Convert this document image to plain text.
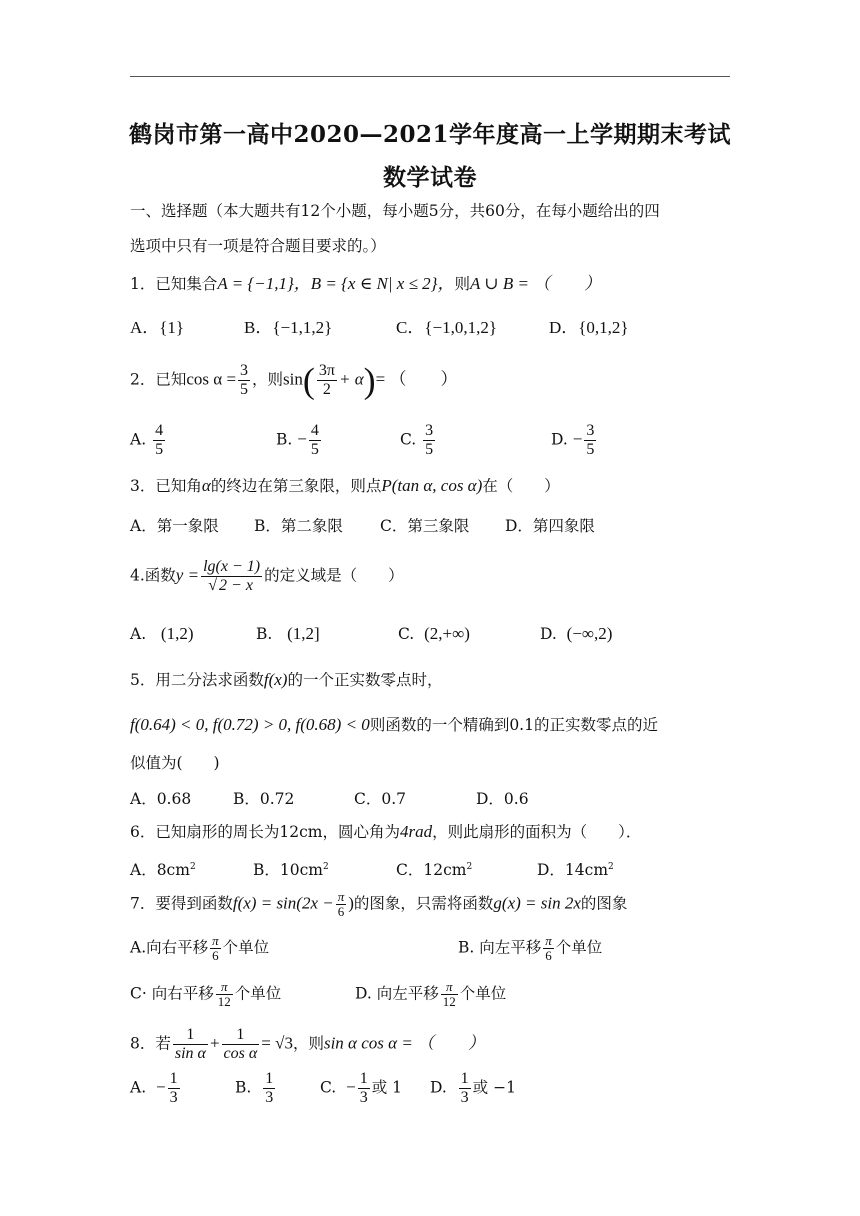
鹤岗市第一高中2020—2021学年度高一上学期期末考试
数学试卷
一、选择题（本大题共有12个小题，每小题5分，共60分，在每小题给出的四
选项中只有一项是符合题目要求的。）
1．已知集合A = {−1,1}，B = {x ∈ N| x ≤ 2}，则A ∪ B = （　　）
A．{1}	B．{−1,1,2}	C．{−1,0,1,2}	D．{0,1,2}
2．已知$\cos \alpha = \frac{3}{5}$ ，则$\sin( \frac{3\pi}{2} + \alpha)=$ （　　）
A. $\frac{4}{5}$	B. − $\frac{4}{5}$	C. $\frac{3}{5}$	D. − $\frac{3}{5}$
3．已知角α的终边在第三象限，则点P(tan α, cos α)在（　　）
A．第一象限 B．第二象限 C．第三象限 D．第四象限
4.函数$y = \frac{\lg(x - 1)}{√ 2 - x}$ 的定义域是（　　）
A. (1,2)	B. (1,2]	C. (2,+∞)	D. (−∞,2)
5．用二分法求函数f(x)的一个正实数零点时，
f(0.64) < 0, f(0.72) > 0, f(0.68) < 0则函数的一个精确到0.1的正实数零点的近
似值为(　　)
A．0.68	B．0.72	C．0.7	D．0.6
6．已知扇形的周长为12cm，圆心角为4rad，则此扇形的面积为（　　）．
A．$8cm^2$	B．$10cm^2$	C．$12cm^2$	D．$14cm^2$
7．要得到函数$f(x) = \sin(2x - \frac{\pi}{6}$ )的图象，只需将函数g(x) = sin 2x的图象
A.向右平移 $\frac{\pi}{6}$ 个单位	B. 向左平移 $\frac{\pi}{6}$ 个单位
C· 向右平移 $\frac{\pi}{12}$ 个单位	D. 向左平移 $\frac{\pi}{12}$ 个单位
8．若 $\frac{1}{\text{sin α}} + \frac{1}{\text{cos α}} = √3$，则sin α cos α = （　　）
A. − $\frac{1}{3}$	B. $\frac{1}{3}$	C. − $\frac{1}{3}$ 或 1 D. $\frac{1}{3}$ 或 −1
